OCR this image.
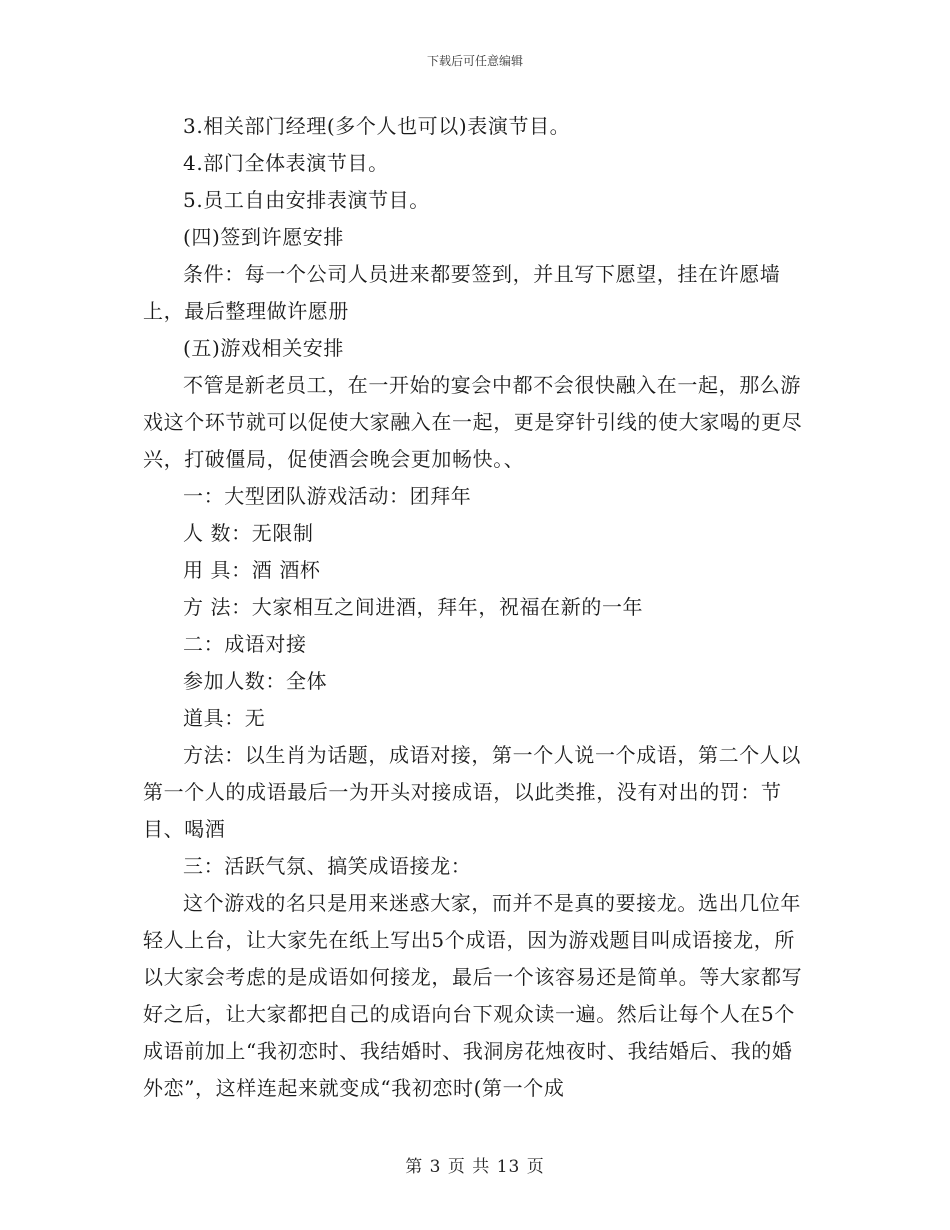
下载后可任意编辑

3.相关部门经理(多个人也可以)表演节目。

4.部门全体表演节目。

5.员工自由安排表演节目。

(四)签到许愿安排

条件：每一个公司人员进来都要签到，并且写下愿望，挂在许愿墙上，最后整理做许愿册

(五)游戏相关安排

不管是新老员工，在一开始的宴会中都不会很快融入在一起，那么游戏这个环节就可以促使大家融入在一起，更是穿针引线的使大家喝的更尽兴，打破僵局，促使酒会晚会更加畅快。、

一：大型团队游戏活动：团拜年

人 数：无限制

用 具：酒 酒杯

方 法：大家相互之间进酒，拜年，祝福在新的一年

二：成语对接

参加人数：全体

道具：无

方法：以生肖为话题，成语对接，第一个人说一个成语，第二个人以第一个人的成语最后一为开头对接成语，以此类推，没有对出的罚：节目、喝酒

三：活跃气氛、搞笑成语接龙：

这个游戏的名只是用来迷惑大家，而并不是真的要接龙。选出几位年轻人上台，让大家先在纸上写出5个成语，因为游戏题目叫成语接龙，所以大家会考虑的是成语如何接龙，最后一个该容易还是简单。等大家都写好之后，让大家都把自己的成语向台下观众读一遍。然后让每个人在5个成语前加上“我初恋时、我结婚时、我洞房花烛夜时、我结婚后、我的婚外恋”，这样连起来就变成“我初恋时(第一个成

第 3 页 共 13 页
